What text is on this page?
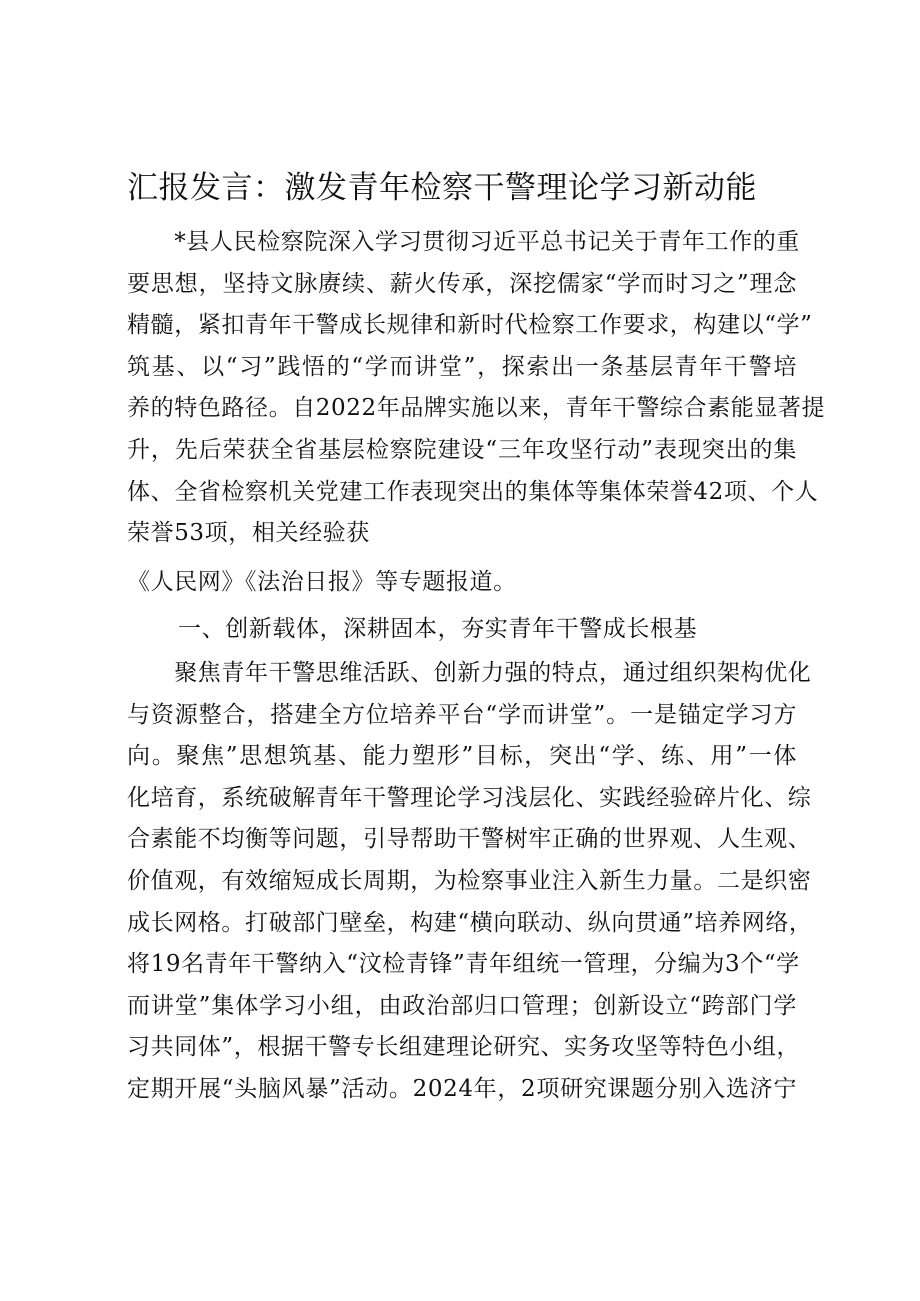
汇报发言：激发青年检察干警理论学习新动能
　　*县人民检察院深入学习贯彻习近平总书记关于青年工作的重
要思想，坚持文脉赓续、薪火传承，深挖儒家“学而时习之”理念
精髓，紧扣青年干警成长规律和新时代检察工作要求，构建以“学”
筑基、以“习”践悟的“学而讲堂”，探索出一条基层青年干警培
养的特色路径。自2022年品牌实施以来，青年干警综合素能显著提
升，先后荣获全省基层检察院建设“三年攻坚行动”表现突出的集
体、全省检察机关党建工作表现突出的集体等集体荣誉42项、个人
荣誉53项，相关经验获
《人民网》《法治日报》等专题报道。
一、创新载体，深耕固本，夯实青年干警成长根基
　　聚焦青年干警思维活跃、创新力强的特点，通过组织架构优化
与资源整合，搭建全方位培养平台“学而讲堂”。一是锚定学习方
向。聚焦”思想筑基、能力塑形”目标，突出“学、练、用”一体
化培育，系统破解青年干警理论学习浅层化、实践经验碎片化、综
合素能不均衡等问题，引导帮助干警树牢正确的世界观、人生观、
价值观，有效缩短成长周期，为检察事业注入新生力量。二是织密
成长网格。打破部门壁垒，构建“横向联动、纵向贯通”培养网络，
将19名青年干警纳入“汶检青锋”青年组统一管理，分编为3个“学
而讲堂”集体学习小组，由政治部归口管理；创新设立“跨部门学
习共同体”，根据干警专长组建理论研究、实务攻坚等特色小组，
定期开展“头脑风暴”活动。2024年，2项研究课题分别入选济宁
